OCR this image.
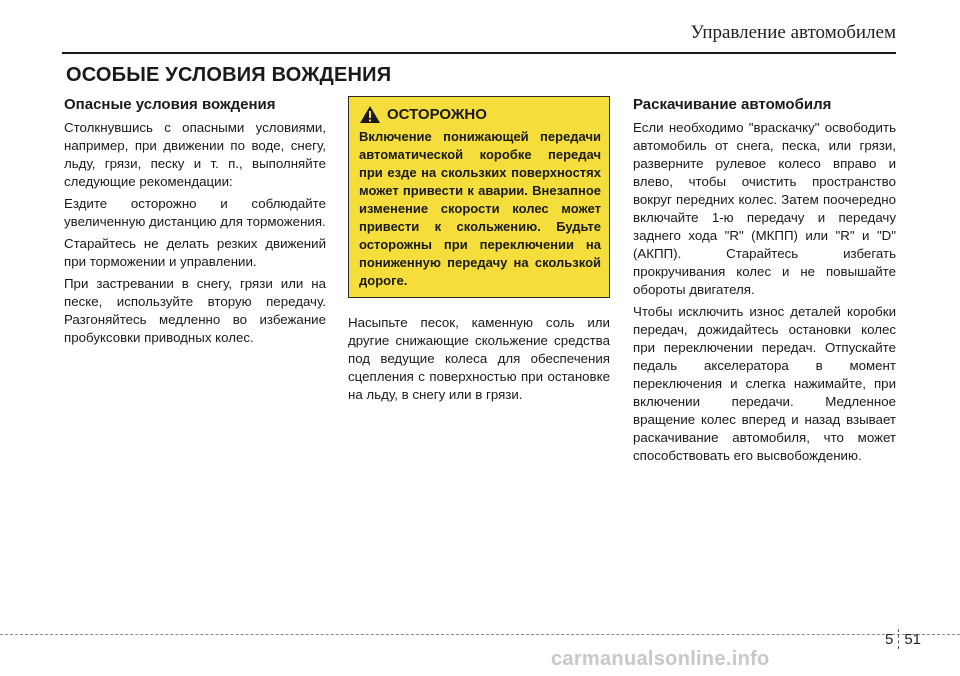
Управление автомобилем
ОСОБЫЕ УСЛОВИЯ ВОЖДЕНИЯ
Опасные условия вождения

Столкнувшись с опасными условиями, например, при движении по воде, снегу, льду, грязи, песку и т. п., выполняйте следующие рекомендации:

Ездите осторожно и соблюдайте увеличенную дистанцию для торможения.

Старайтесь не делать резких движений при торможении и управлении.

При застревании в снегу, грязи или на песке, используйте вторую передачу. Разгоняйтесь медленно во избежание пробуксовки приводных колес.

ОСТОРОЖНО

Включение понижающей передачи автоматической коробке передач при езде на скользких поверхностях может привести к аварии. Внезапное изменение скорости колес может привести к скольжению. Будьте осторожны при переключении на пониженную передачу на скользкой дороге.

Насыпьте песок, каменную соль или другие снижающие скольжение средства под ведущие колеса для обеспечения сцепления с поверхностью при остановке на льду, в снегу или в грязи.

Раскачивание автомобиля

Если необходимо "враскачку" освободить автомобиль от снега, песка, или грязи, разверните рулевое колесо вправо и влево, чтобы очистить пространство вокруг передних колес. Затем поочередно включайте 1-ю передачу и передачу заднего хода "R" (МКПП) или "R" и "D" (АКПП). Старайтесь избегать прокручивания колес и не повышайте обороты двигателя.

Чтобы исключить износ деталей коробки передач, дожидайтесь остановки колес при переключении передач. Отпускайте педаль акселератора в момент переключения и слегка нажимайте, при включении передачи. Медленное вращение колес вперед и назад взывает раскачивание автомобиля, что может способствовать его высвобождению.

5 51
carmanualsonline.info
